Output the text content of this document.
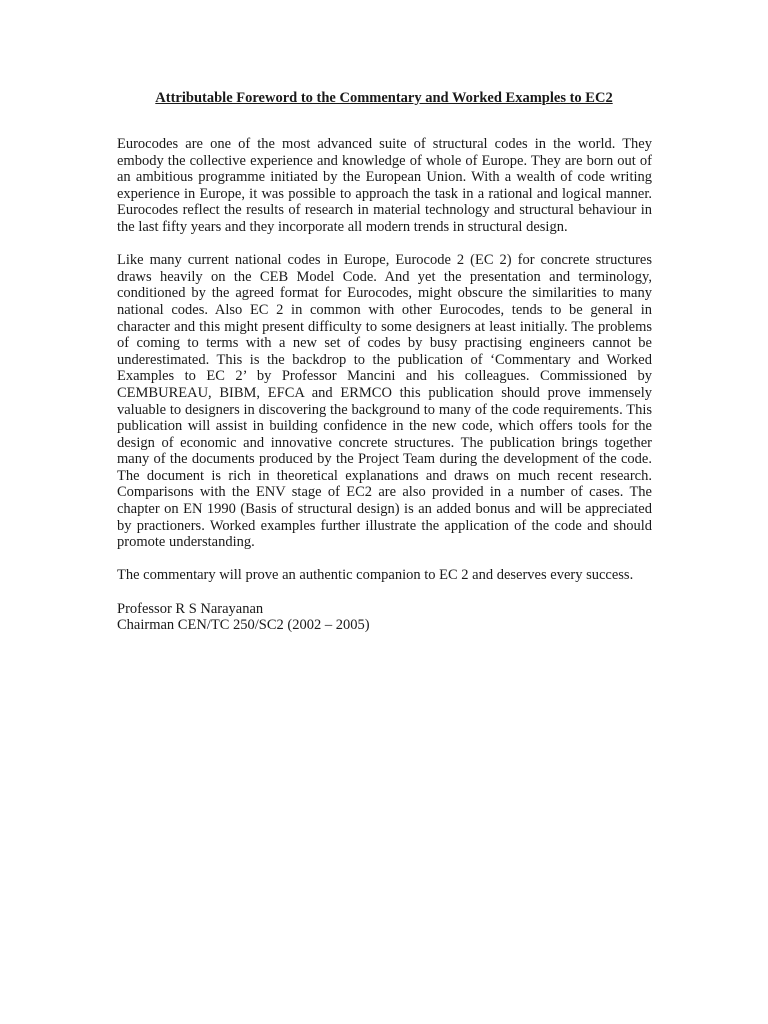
Attributable Foreword to the Commentary and Worked Examples to EC2

Eurocodes are one of the most advanced suite of structural codes in the world. They embody the collective experience and knowledge of whole of Europe. They are born out of an ambitious programme initiated by the European Union. With a wealth of code writing experience in Europe, it was possible to approach the task in a rational and logical manner. Eurocodes reflect the results of research in material technology and structural behaviour in the last fifty years and they incorporate all modern trends in structural design.

Like many current national codes in Europe, Eurocode 2 (EC 2) for concrete structures draws heavily on the CEB Model Code. And yet the presentation and terminology, conditioned by the agreed format for Eurocodes, might obscure the similarities to many national codes. Also EC 2 in common with other Eurocodes, tends to be general in character and this might present difficulty to some designers at least initially. The problems of coming to terms with a new set of codes by busy practising engineers cannot be underestimated. This is the backdrop to the publication of ‘Commentary and Worked Examples to EC 2’ by Professor Mancini and his colleagues. Commissioned by CEMBUREAU, BIBM, EFCA and ERMCO this publication should prove immensely valuable to designers in discovering the background to many of the code requirements. This publication will assist in building confidence in the new code, which offers tools for the design of economic and innovative concrete structures. The publication brings together many of the documents produced by the Project Team during the development of the code. The document is rich in theoretical explanations and draws on much recent research. Comparisons with the ENV stage of EC2 are also provided in a number of cases. The chapter on EN 1990 (Basis of structural design) is an added bonus and will be appreciated by practioners. Worked examples further illustrate the application of the code and should promote understanding.

The commentary will prove an authentic companion to EC 2 and deserves every success.

Professor R S Narayanan
Chairman CEN/TC 250/SC2 (2002 – 2005)
